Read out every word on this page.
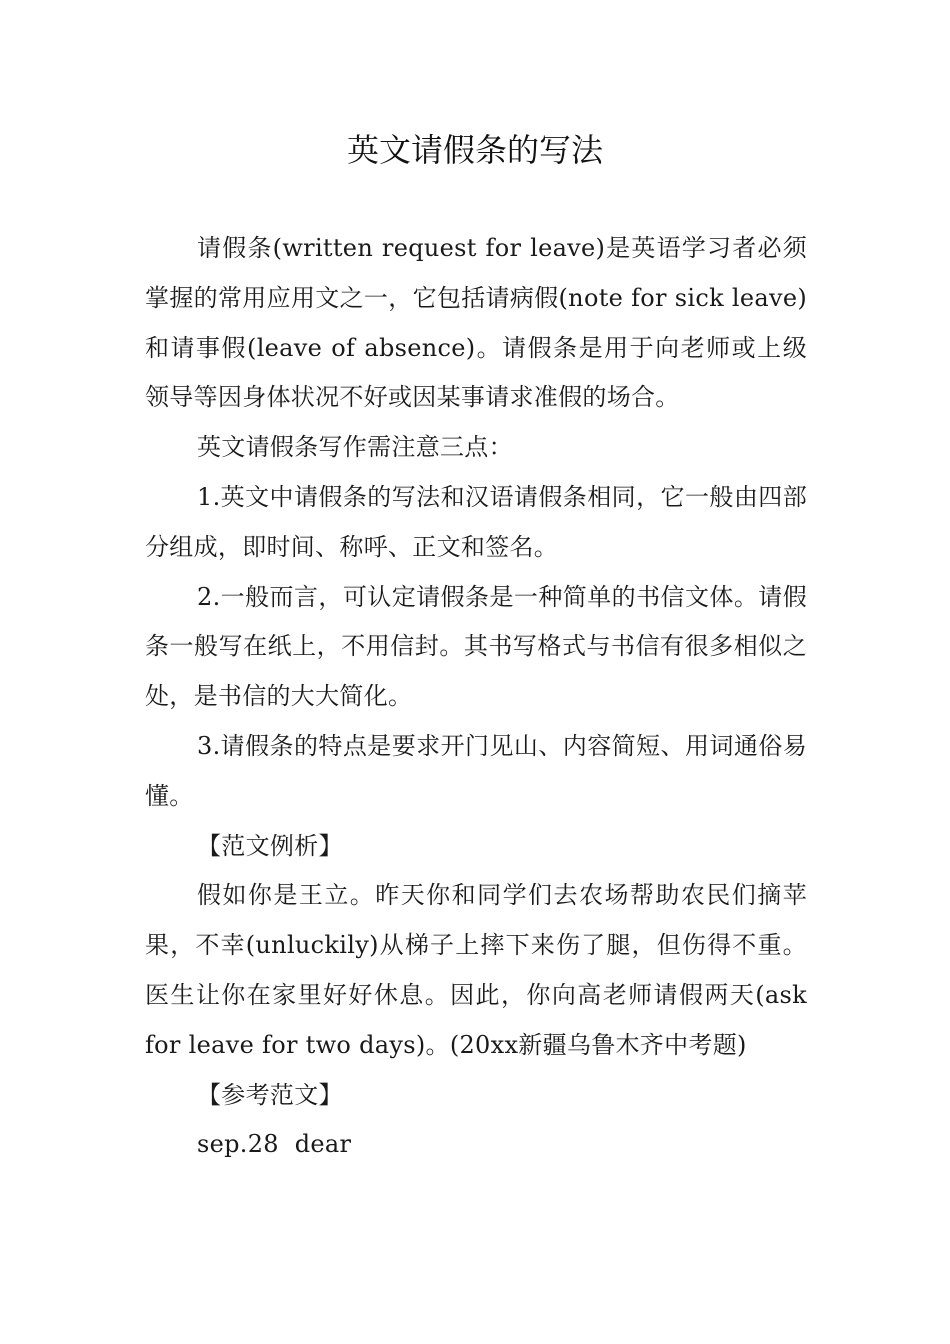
英文请假条的写法

请假条(written request for leave)是英语学习者必须掌握的常用应用文之一，它包括请病假(note for sick leave)和请事假(leave of absence)。请假条是用于向老师或上级领导等因身体状况不好或因某事请求准假的场合。

英文请假条写作需注意三点：

1.英文中请假条的写法和汉语请假条相同，它一般由四部分组成，即时间、称呼、正文和签名。

2.一般而言，可认定请假条是一种简单的书信文体。请假条一般写在纸上，不用信封。其书写格式与书信有很多相似之处，是书信的大大简化。

3.请假条的特点是要求开门见山、内容简短、用词通俗易懂。

【范文例析】

假如你是王立。昨天你和同学们去农场帮助农民们摘苹果，不幸(unluckily)从梯子上摔下来伤了腿，但伤得不重。医生让你在家里好好休息。因此，你向高老师请假两天(ask for leave for two days)。(20xx新疆乌鲁木齐中考题)

【参考范文】

sep.28  dear
